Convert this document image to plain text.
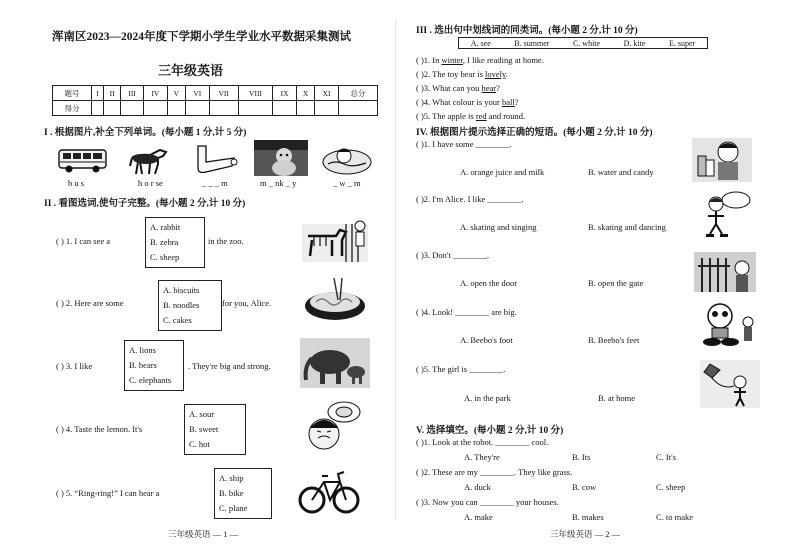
浑南区2023—2024年度下学期小学生学业水平数据采集测试
三年级英语
题号	I	II	III	IV	V	VI	VII	VIII	IX	X	XI	总分
得分												
I . 根据图片,补全下列单词。(每小题 1 分,计 5 分)
b u s	h o r se	_ _ _ m	m _ nk _ y	_ w _ m
II . 看图选词,使句子完整。(每小题 2 分,计 10 分)
( ) 1. I can see a
A. rabbit
B. zebra
C. sheep
in the zoo.
( ) 2. Here are some
A. biscuits
B. noodles
C. cakes
for you, Alice.
( ) 3. I like
A. lions
B. bears
C. elephants
. They're big and strong.
( ) 4. Taste the lemon. It's
A. sour
B. sweet
C. hot
( ) 5. “Ring-ring!” I can hear a
A. ship
B. bike
C. plane
三年级英语 — 1 —
III . 选出句中划线词的同类词。(每小题 2 分,计 10 分)
A. see	B. summer	C. white	D. kite	E. super
( )1. In winter, I like reading at home.
( )2. The toy bear is lovely.
( )3. What can you hear?
( )4. What colour is your ball?
( )5. The apple is red and round.
IV. 根据图片提示选择正确的短语。(每小题 2 分,计 10 分)
( )1. I have some ________.
A. orange juice and milk	B. water and candy
( )2. I'm Alice. I like ________.
A. skating and singing	B. skating and dancing
( )3. Don't ________.
A. open the door	B. open the gate
( )4. Look! ________ are big.
A. Beebo's foot	B. Beebo's feet
( )5. The girl is ________.
A. in the park	B. at home
V. 选择填空。(每小题 2 分,计 10 分)
( )1. Look at the robot. ________ cool.
A. They're	B. Its	C. It's
( )2. These are my ________. They like grass.
A. duck	B. cow	C. sheep
( )3. Now you can ________ your houses.
A. make	B. makes	C. to make
三年级英语 — 2 —
